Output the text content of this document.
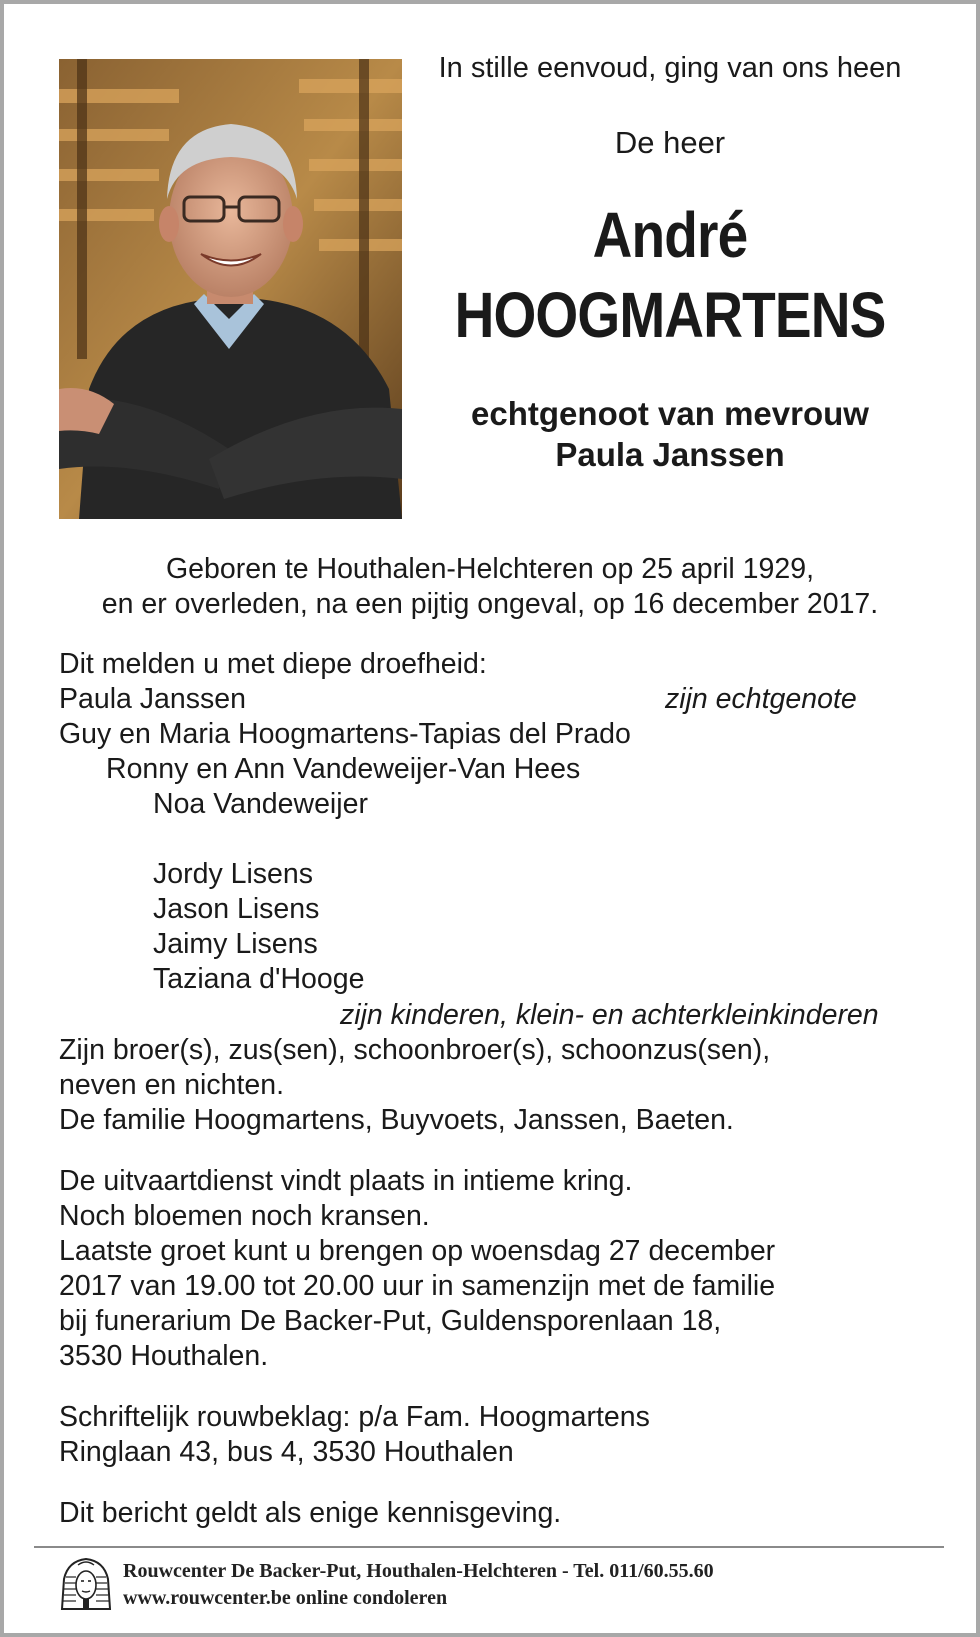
In stille eenvoud, ging van ons heen
De heer
André
HOOGMARTENS
echtgenoot van mevrouw
Paula Janssen
Geboren te Houthalen-Helchteren op 25 april 1929,
en er overleden, na een pijtig ongeval, op 16 december 2017.
Dit melden u met diepe droefheid:
Paula Janssen	zijn echtgenote
Guy en Maria Hoogmartens-Tapias del Prado
Ronny en Ann Vandeweijer-Van Hees
Noa Vandeweijer
Jordy Lisens
Jason Lisens
Jaimy Lisens
Taziana d'Hooge
zijn kinderen, klein- en achterkleinkinderen
Zijn broer(s), zus(sen), schoonbroer(s), schoonzus(sen),
neven en nichten.
De familie Hoogmartens, Buyvoets, Janssen, Baeten.
De uitvaartdienst vindt plaats in intieme kring.
Noch bloemen noch kransen.
Laatste groet kunt u brengen op woensdag 27 december
2017 van 19.00 tot 20.00 uur in samenzijn met de familie
bij funerarium De Backer-Put, Guldensporenlaan 18,
3530 Houthalen.
Schriftelijk rouwbeklag: p/a Fam. Hoogmartens
Ringlaan 43, bus 4, 3530 Houthalen
Dit bericht geldt als enige kennisgeving.
Rouwcenter De Backer-Put, Houthalen-Helchteren - Tel. 011/60.55.60
www.rouwcenter.be online condoleren
